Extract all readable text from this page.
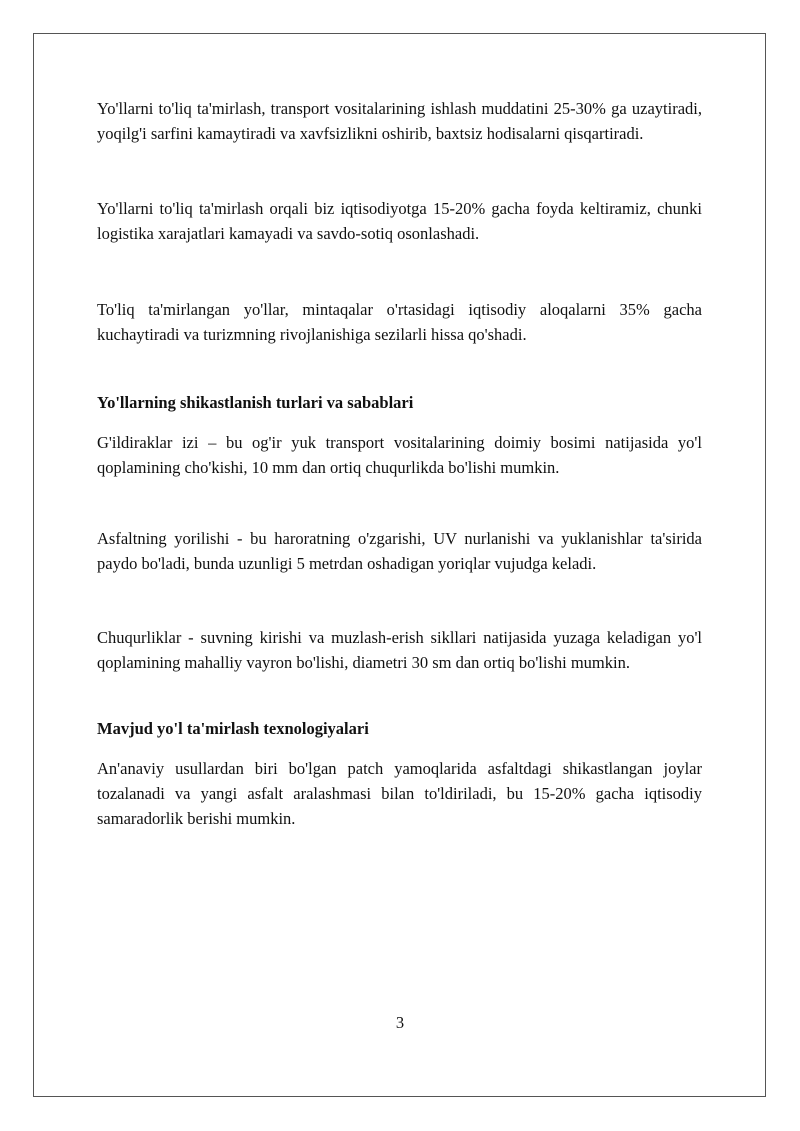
Yo'llarni to'liq ta'mirlash, transport vositalarining ishlash muddatini 25-30% ga uzaytiradi, yoqilg'i sarfini kamaytiradi va xavfsizlikni oshirib, baxtsiz hodisalarni qisqartiradi.

Yo'llarni to'liq ta'mirlash orqali biz iqtisodiyotga 15-20% gacha foyda keltiramiz, chunki logistika xarajatlari kamayadi va savdo-sotiq osonlashadi.

To'liq ta'mirlangan yo'llar, mintaqalar o'rtasidagi iqtisodiy aloqalarni 35% gacha kuchaytiradi va turizmning rivojlanishiga sezilarli hissa qo'shadi.

Yo'llarning shikastlanish turlari va sabablari

G'ildiraklar izi – bu og'ir yuk transport vositalarining doimiy bosimi natijasida yo'l qoplamining cho'kishi, 10 mm dan ortiq chuqurlikda bo'lishi mumkin.

Asfaltning yorilishi - bu haroratning o'zgarishi, UV nurlanishi va yuklanishlar ta'sirida paydo bo'ladi, bunda uzunligi 5 metrdan oshadigan yoriqlar vujudga keladi.

Chuqurliklar - suvning kirishi va muzlash-erish sikllari natijasida yuzaga keladigan yo'l qoplamining mahalliy vayron bo'lishi, diametri 30 sm dan ortiq bo'lishi mumkin.

Mavjud yo'l ta'mirlash texnologiyalari

An'anaviy usullardan biri bo'lgan patch yamoqlarida asfaltdagi shikastlangan joylar tozalanadi va yangi asfalt aralashmasi bilan to'ldiriladi, bu 15-20% gacha iqtisodiy samaradorlik berishi mumkin.

3
